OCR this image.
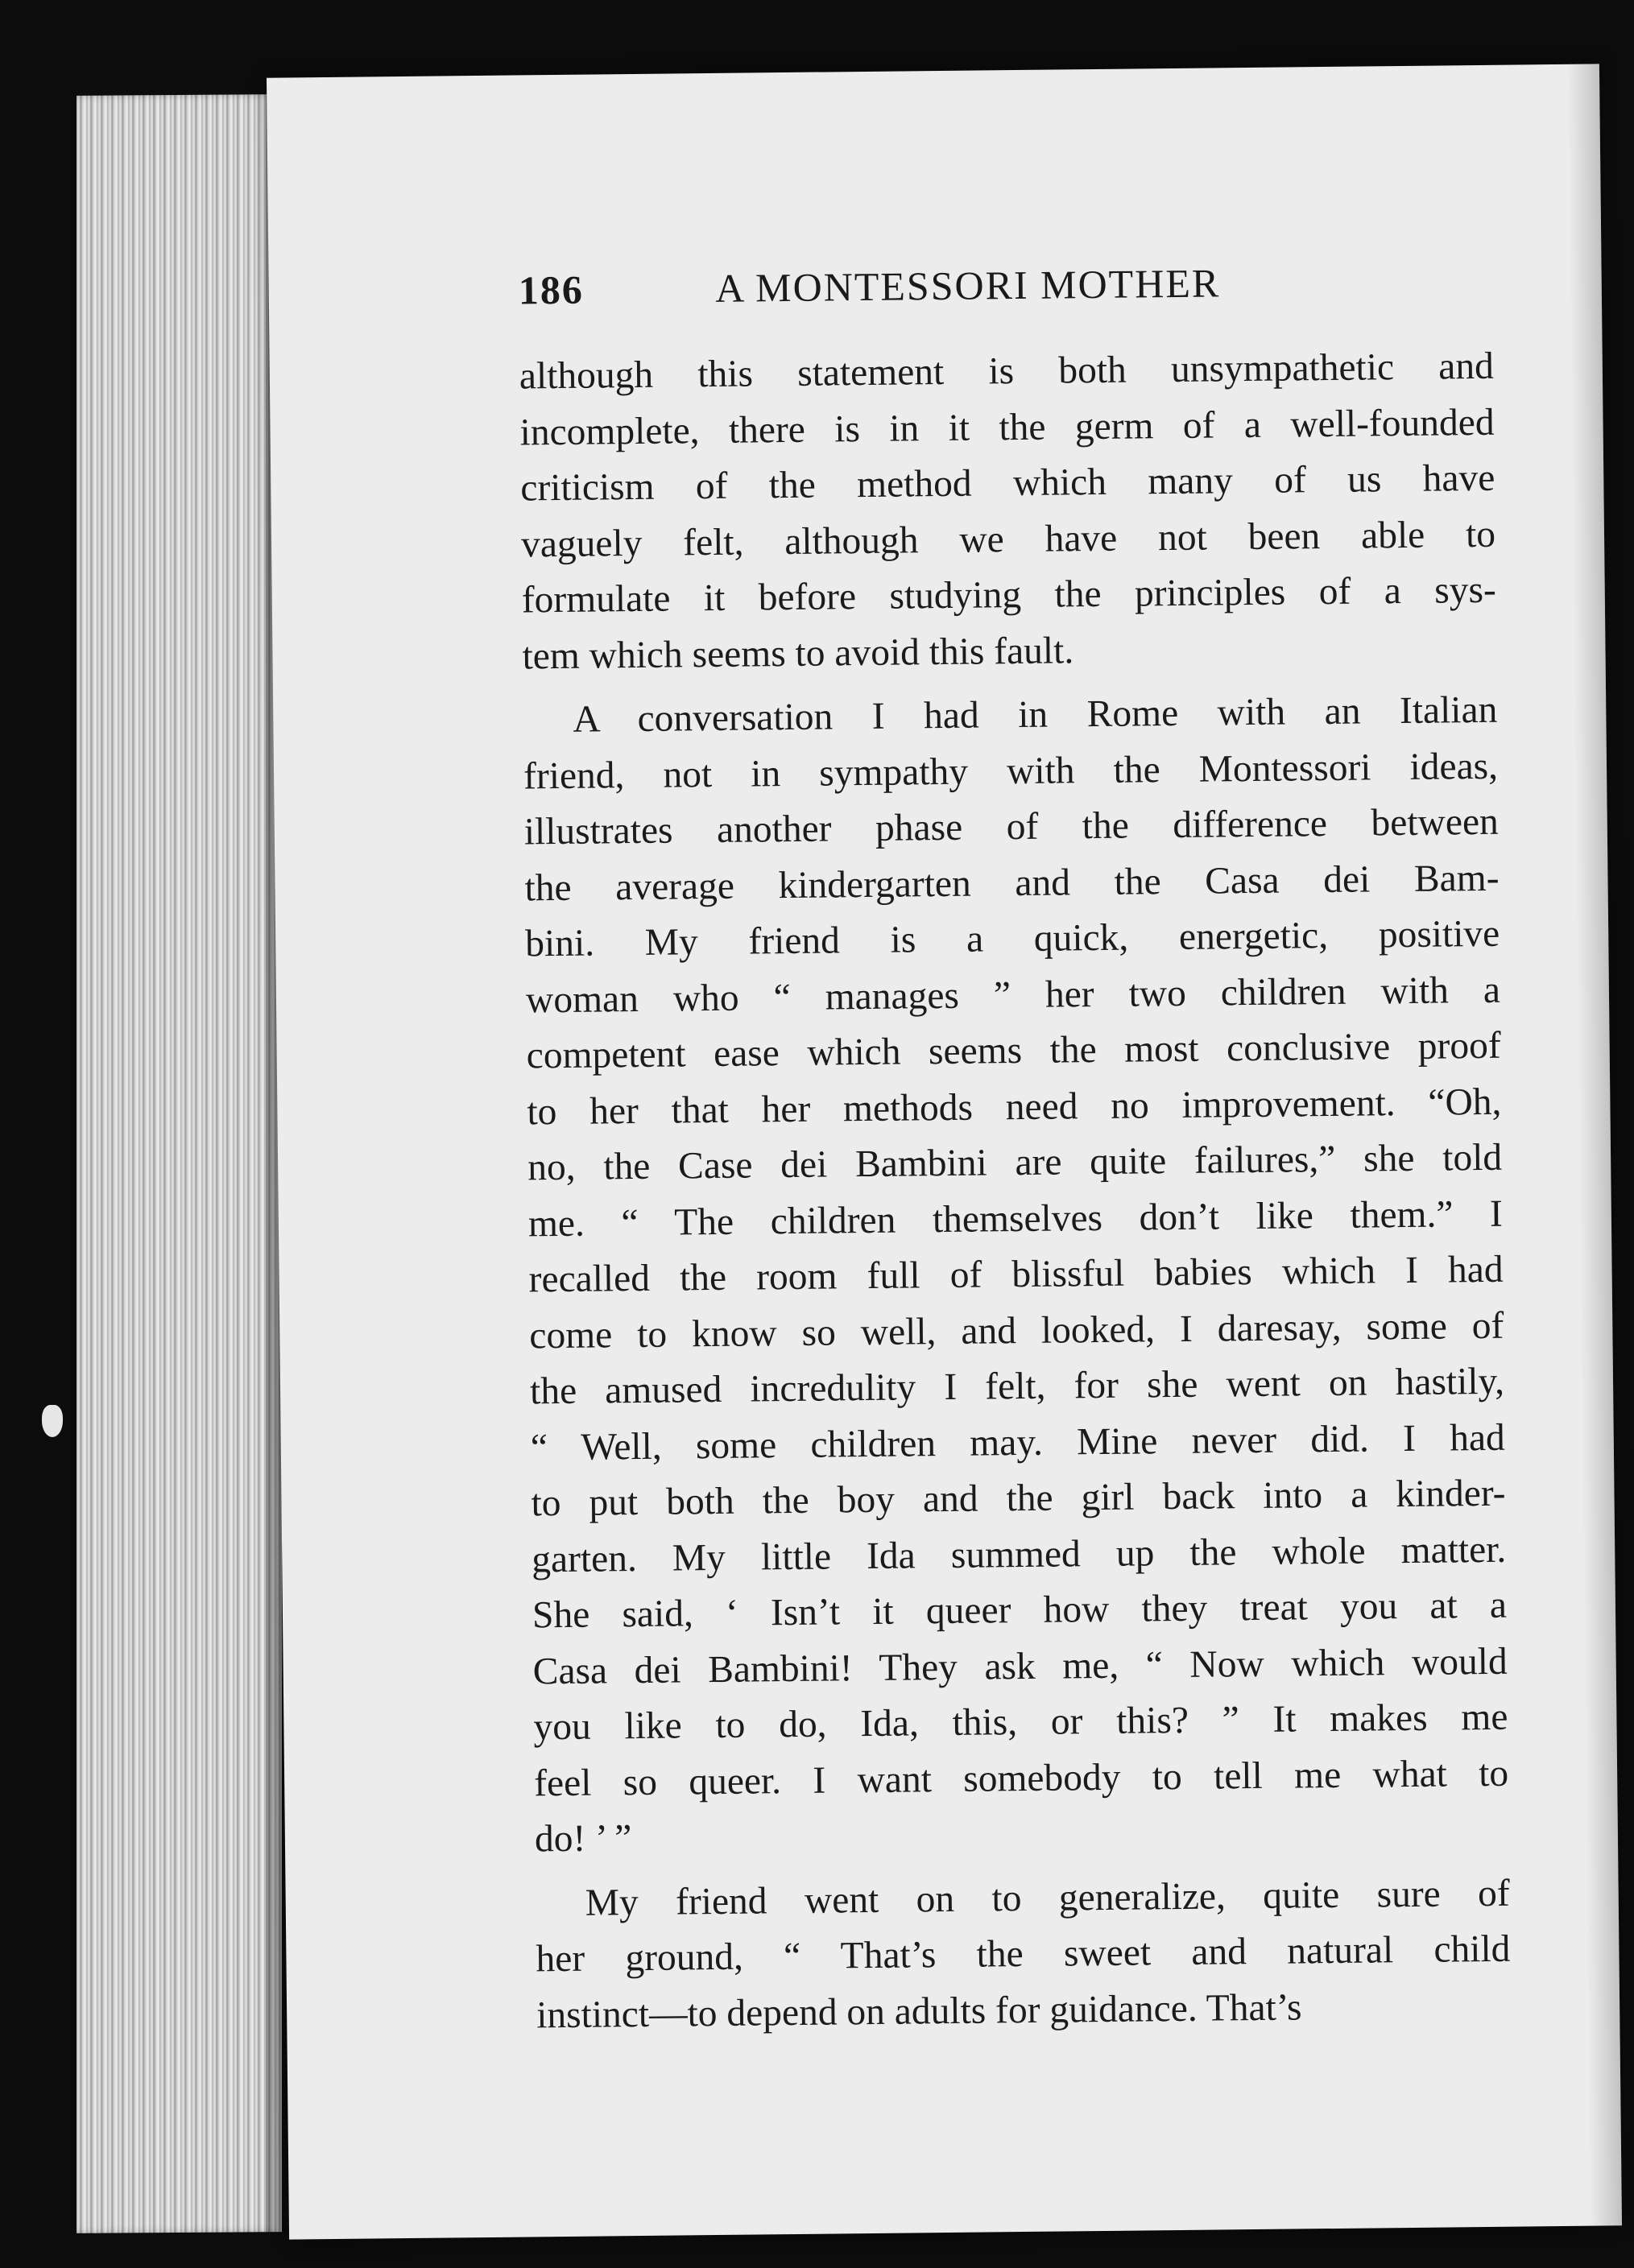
186	A MONTESSORI MOTHER
although this statement is both unsympathetic and
incomplete, there is in it the germ of a well-founded
criticism of the method which many of us have
vaguely felt, although we have not been able to
formulate it before studying the principles of a sys-
tem which seems to avoid this fault.
A conversation I had in Rome with an Italian
friend, not in sympathy with the Montessori ideas,
illustrates another phase of the difference between
the average kindergarten and the Casa dei Bam-
bini. My friend is a quick, energetic, positive
woman who “ manages ” her two children with a
competent ease which seems the most conclusive proof
to her that her methods need no improvement. “Oh,
no, the Case dei Bambini are quite failures,” she told
me. “ The children themselves don’t like them.” I
recalled the room full of blissful babies which I had
come to know so well, and looked, I daresay, some of
the amused incredulity I felt, for she went on hastily,
“ Well, some children may. Mine never did. I had
to put both the boy and the girl back into a kinder-
garten. My little Ida summed up the whole matter.
She said, ‘ Isn’t it queer how they treat you at a
Casa dei Bambini! They ask me, “ Now which would
you like to do, Ida, this, or this? ” It makes me
feel so queer. I want somebody to tell me what to
do! ’ ”
My friend went on to generalize, quite sure of
her ground, “ That’s the sweet and natural child
instinct—to depend on adults for guidance. That’s
